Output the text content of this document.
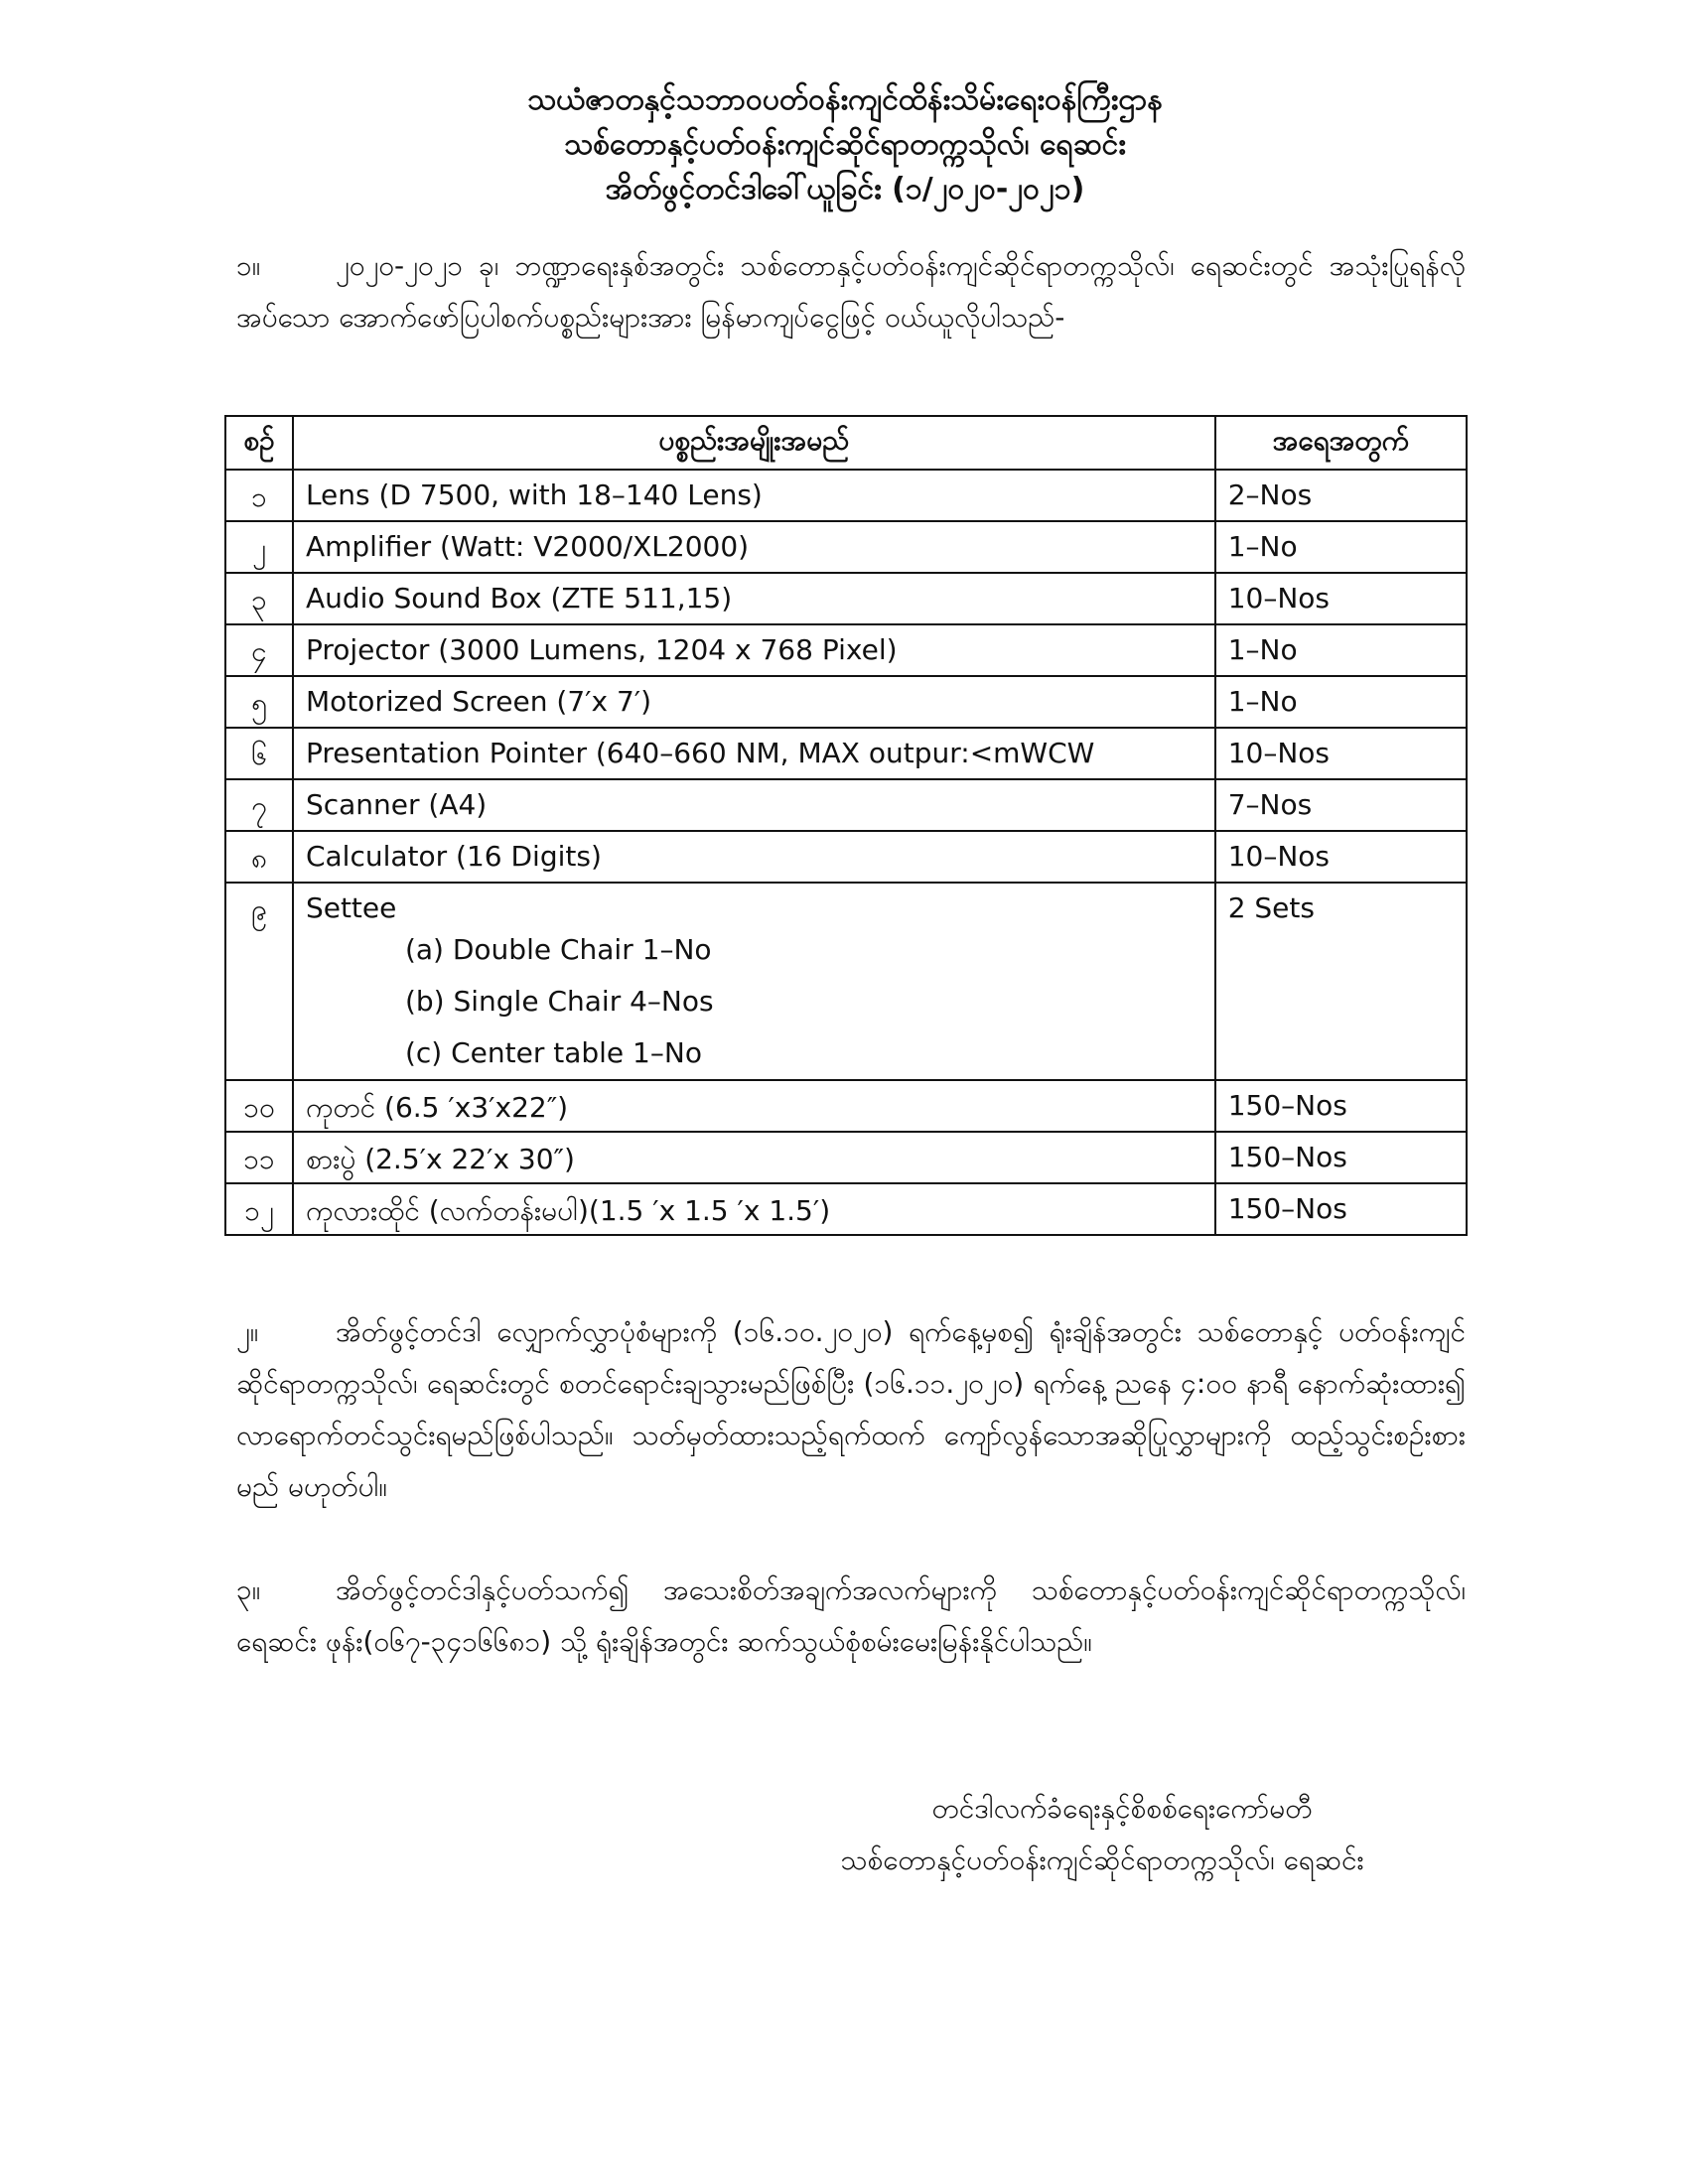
သယံဇာတနှင့်သဘာဝပတ်ဝန်းကျင်ထိန်းသိမ်းရေးဝန်ကြီးဌာန
သစ်တောနှင့်ပတ်ဝန်းကျင်ဆိုင်ရာတက္ကသိုလ်၊ ရေဆင်း
အိတ်ဖွင့်တင်ဒါခေါ်ယူခြင်း (၁/၂၀၂၀-၂၀၂၁)
၁။	၂၀၂၀-၂၀၂၁ ခု၊ ဘဏ္ဍာရေးနှစ်အတွင်း သစ်တောနှင့်ပတ်ဝန်းကျင်ဆိုင်ရာတက္ကသိုလ်၊ ရေဆင်းတွင် အသုံးပြုရန်လိုအပ်သော အောက်ဖော်ပြပါစက်ပစ္စည်းများအား မြန်မာကျပ်ငွေဖြင့် ဝယ်ယူလိုပါသည်-
စဉ်	ပစ္စည်းအမျိုးအမည်	အရေအတွက်
၁	Lens (D 7500, with 18–140 Lens)	2–Nos
၂	Amplifier (Watt: V2000/XL2000)	1–No
၃	Audio Sound Box (ZTE 511,15)	10–Nos
၄	Projector (3000 Lumens, 1204 x 768 Pixel)	1–No
၅	Motorized Screen (7′x 7′)	1–No
၆	Presentation Pointer (640–660 NM, MAX outpur:<mWCW	10–Nos
၇	Scanner (A4)	7–Nos
၈	Calculator (16 Digits)	10–Nos
၉	Settee
(a) Double Chair 1–No
(b) Single Chair 4–Nos
(c) Center table 1–No	2 Sets
၁၀	ကုတင် (6.5 ′x3′x22″)	150–Nos
၁၁	စားပွဲ (2.5′x 22′x 30″)	150–Nos
၁၂	ကုလားထိုင် (လက်တန်းမပါ)(1.5 ′x 1.5 ′x 1.5′)	150–Nos
၂။	အိတ်ဖွင့်တင်ဒါ လျှောက်လွှာပုံစံများကို (၁၆.၁၀.၂၀၂၀) ရက်နေ့မှစ၍ ရုံးချိန်အတွင်း သစ်တောနှင့် ပတ်ဝန်းကျင်ဆိုင်ရာတက္ကသိုလ်၊ ရေဆင်းတွင် စတင်ရောင်းချသွားမည်ဖြစ်ပြီး (၁၆.၁၁.၂၀၂၀) ရက်နေ့ ညနေ ၄:၀၀ နာရီ နောက်ဆုံးထား၍ လာရောက်တင်သွင်းရမည်ဖြစ်ပါသည်။ သတ်မှတ်ထားသည့်ရက်ထက် ကျော်လွန်သောအဆိုပြုလွှာများကို ထည့်သွင်းစဉ်းစားမည် မဟုတ်ပါ။
၃။	အိတ်ဖွင့်တင်ဒါနှင့်ပတ်သက်၍ အသေးစိတ်အချက်အလက်များကို သစ်တောနှင့်ပတ်ဝန်းကျင်ဆိုင်ရာတက္ကသိုလ်၊ ရေဆင်း ဖုန်း(၀၆၇-၃၄၁၆၆၈၁) သို့ ရုံးချိန်အတွင်း ဆက်သွယ်စုံစမ်းမေးမြန်းနိုင်ပါသည်။
တင်ဒါလက်ခံရေးနှင့်စိစစ်ရေးကော်မတီ
သစ်တောနှင့်ပတ်ဝန်းကျင်ဆိုင်ရာတက္ကသိုလ်၊ ရေဆင်း
